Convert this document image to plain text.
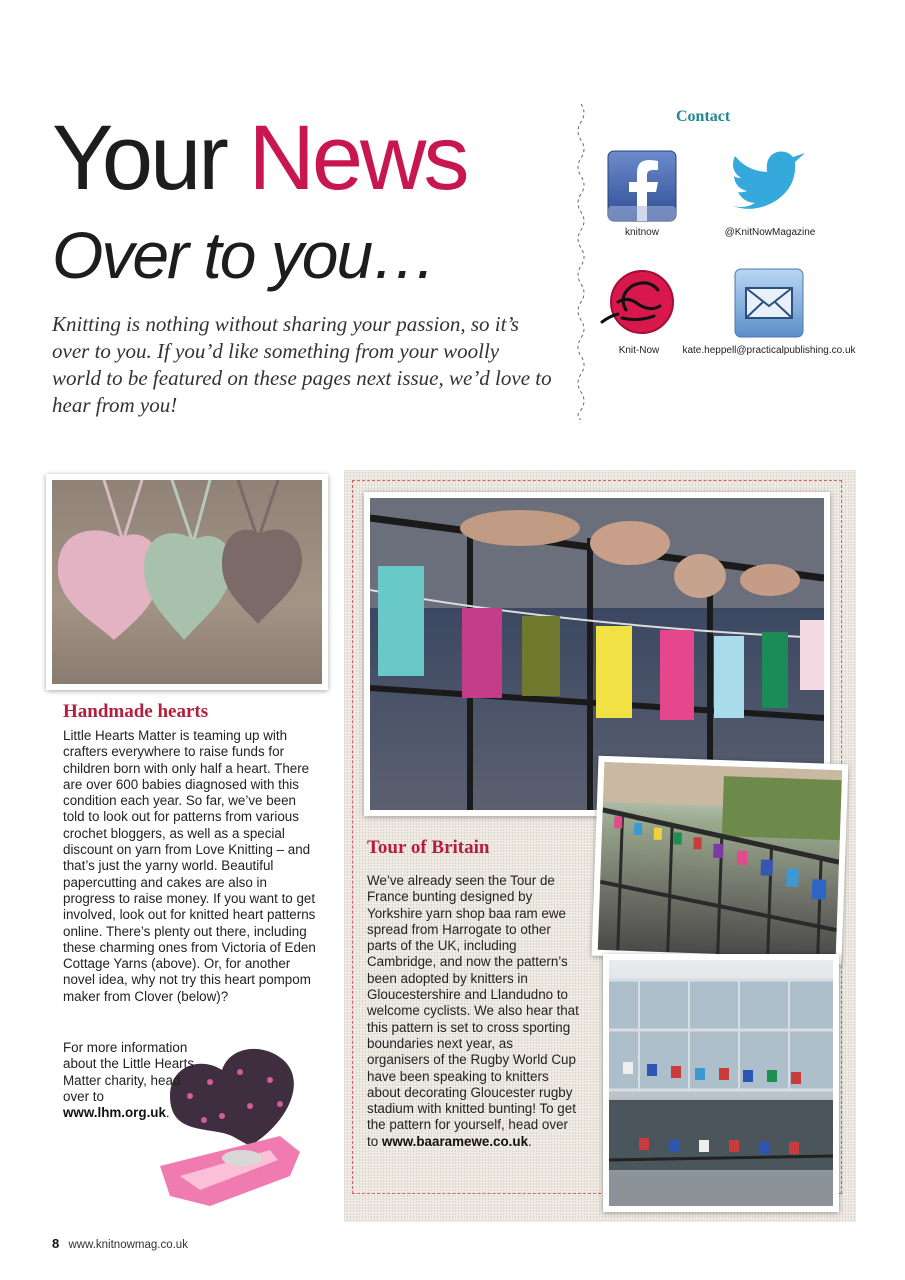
Your News
Over to you…
Knitting is nothing without sharing your passion, so it’s over to you. If you’d like something from your woolly world to be featured on these pages next issue, we’d love to hear from you!
Contact
knitnow	@KnitNowMagazine
Knit-Now	kate.heppell@practicalpublishing.co.uk
Handmade hearts
Little Hearts Matter is teaming up with crafters everywhere to raise funds for children born with only half a heart. There are over 600 babies diagnosed with this condition each year. So far, we’ve been told to look out for patterns from various crochet bloggers, as well as a special discount on yarn from Love Knitting – and that’s just the yarny world. Beautiful papercutting and cakes are also in progress to raise money. If you want to get involved, look out for knitted heart patterns online. There’s plenty out there, including these charming ones from Victoria of Eden Cottage Yarns (above). Or, for another novel idea, why not try this heart pompom maker from Clover (below)?
For more information about the Little Hearts Matter charity, head over to www.lhm.org.uk.
Tour of Britain
We’ve already seen the Tour de France bunting designed by Yorkshire yarn shop baa ram ewe spread from Harrogate to other parts of the UK, including Cambridge, and now the pattern’s been adopted by knitters in Gloucestershire and Llandudno to welcome cyclists. We also hear that this pattern is set to cross sporting boundaries next year, as organisers of the Rugby World Cup have been speaking to knitters about decorating Gloucester rugby stadium with knitted bunting! To get the pattern for yourself, head over to www.baaramewe.co.uk.
8 www.knitnowmag.co.uk
